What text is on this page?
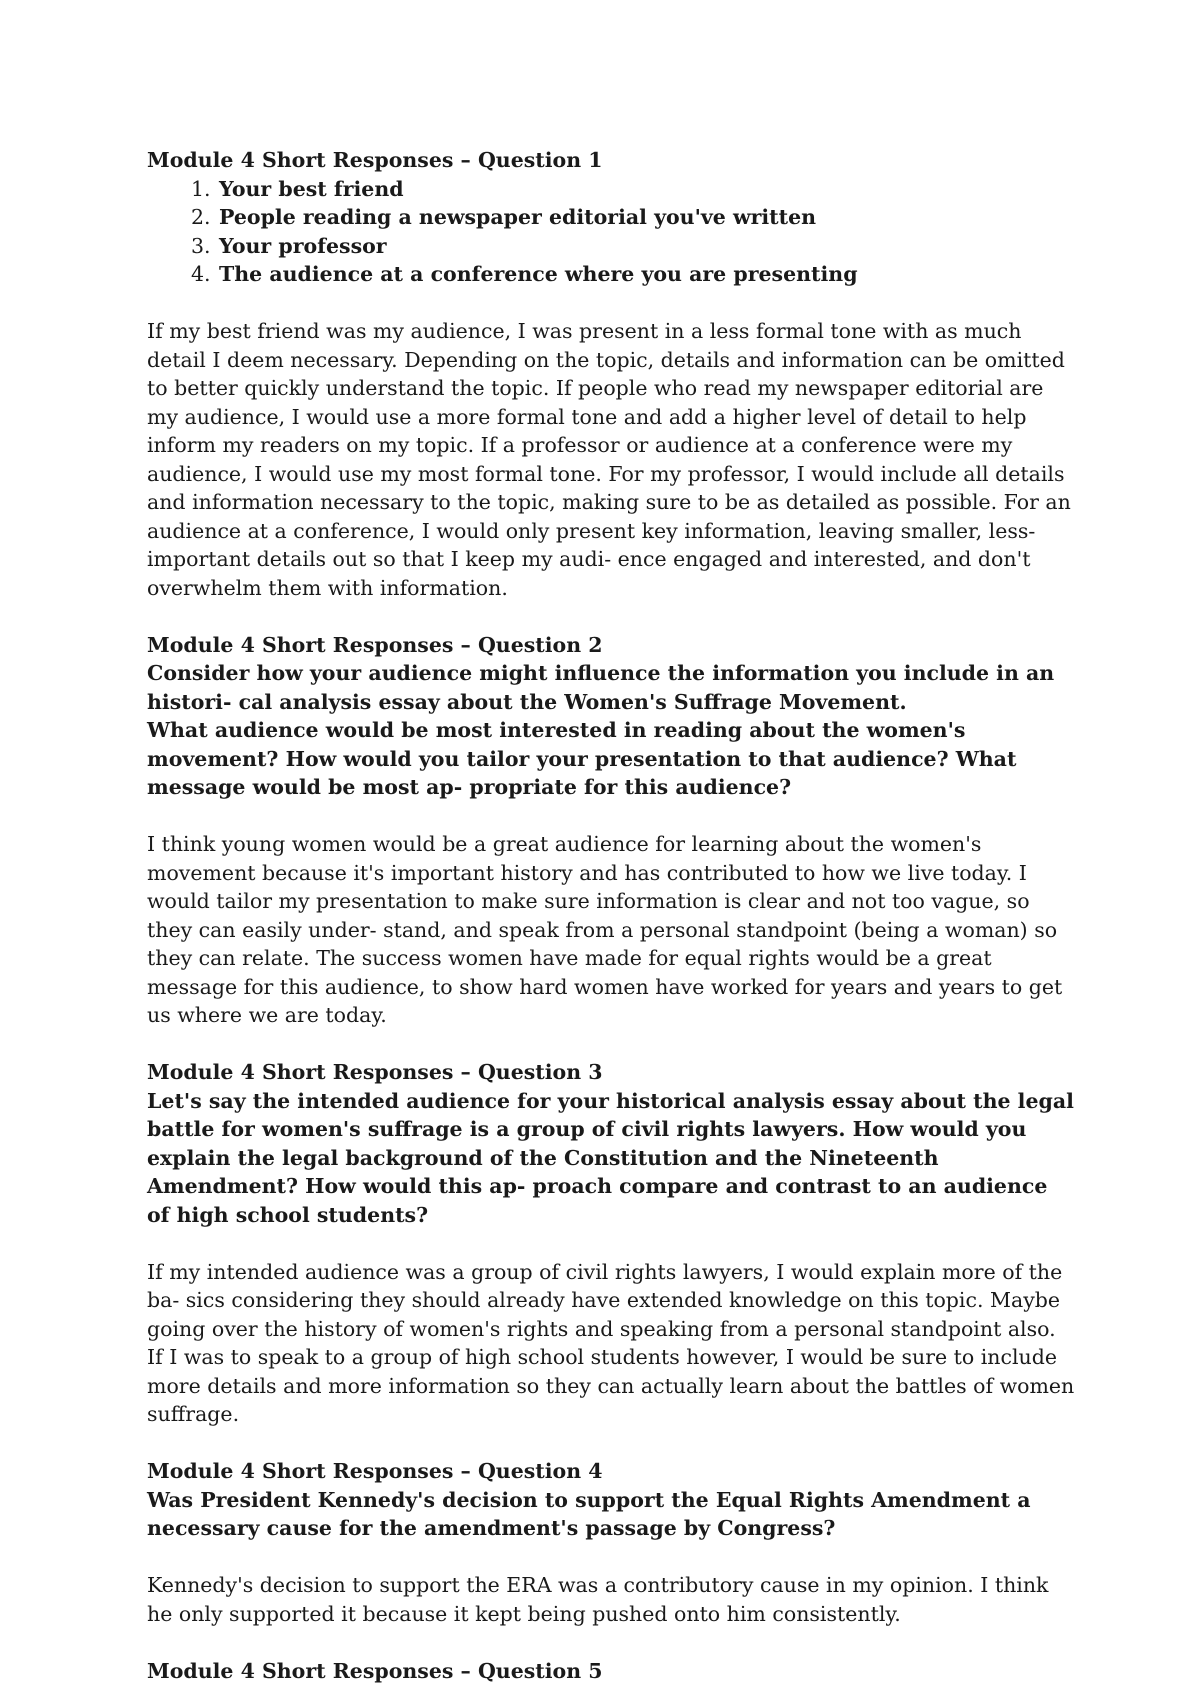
Module 4 Short Responses – Question 1

1. Your best friend
2. People reading a newspaper editorial you've written
3. Your professor
4. The audience at a conference where you are presenting

If my best friend was my audience, I was present in a less formal tone with as much detail I deem necessary. Depending on the topic, details and information can be omitted to better quickly understand the topic. If people who read my newspaper editorial are my audience, I would use a more formal tone and add a higher level of detail to help inform my readers on my topic. If a professor or audience at a conference were my audience, I would use my most formal tone. For my professor, I would include all details and information necessary to the topic, making sure to be as detailed as possible. For an audience at a conference, I would only present key information, leaving smaller, less-important details out so that I keep my audi- ence engaged and interested, and don't overwhelm them with information.

Module 4 Short Responses – Question 2

Consider how your audience might influence the information you include in an histori- cal analysis essay about the Women's Suffrage Movement.

What audience would be most interested in reading about the women's movement? How would you tailor your presentation to that audience? What message would be most ap- propriate for this audience?

I think young women would be a great audience for learning about the women's movement because it's important history and has contributed to how we live today. I would tailor my presentation to make sure information is clear and not too vague, so they can easily under- stand, and speak from a personal standpoint (being a woman) so they can relate. The success women have made for equal rights would be a great message for this audience, to show hard women have worked for years and years to get us where we are today.

Module 4 Short Responses – Question 3

Let's say the intended audience for your historical analysis essay about the legal battle for women's suffrage is a group of civil rights lawyers. How would you explain the legal background of the Constitution and the Nineteenth Amendment? How would this ap- proach compare and contrast to an audience of high school students?

If my intended audience was a group of civil rights lawyers, I would explain more of the ba- sics considering they should already have extended knowledge on this topic. Maybe going over the history of women's rights and speaking from a personal standpoint also. If I was to speak to a group of high school students however, I would be sure to include more details and more information so they can actually learn about the battles of women suffrage.

Module 4 Short Responses – Question 4

Was President Kennedy's decision to support the Equal Rights Amendment a necessary cause for the amendment's passage by Congress?

Kennedy's decision to support the ERA was a contributory cause in my opinion. I think he only supported it because it kept being pushed onto him consistently.

Module 4 Short Responses – Question 5
